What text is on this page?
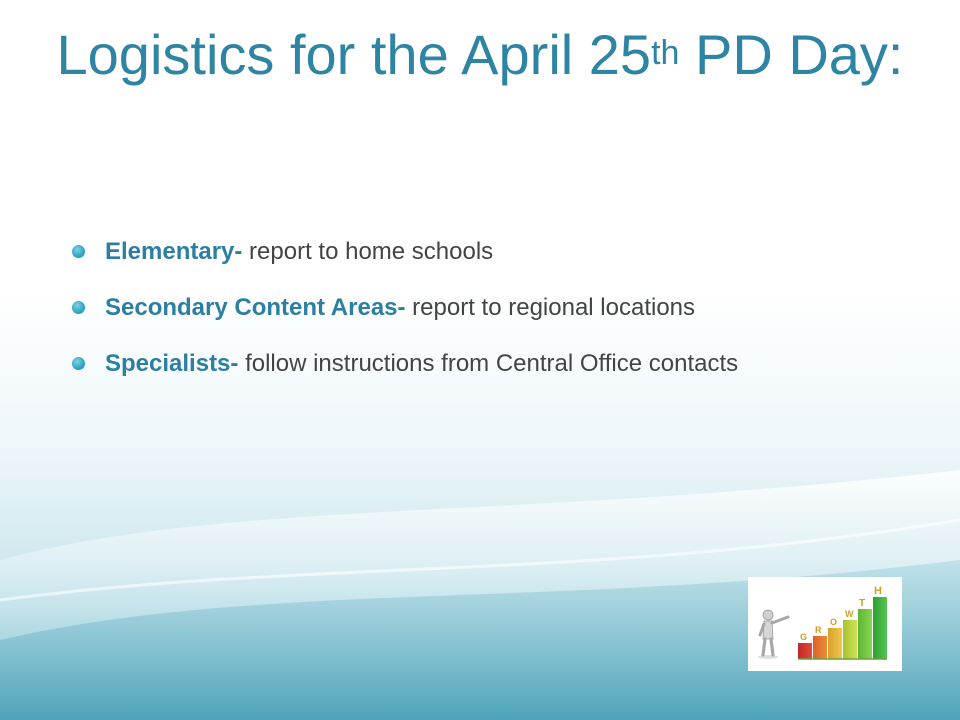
Logistics for the April 25th PD Day:
Elementary- report to home schools
Secondary Content Areas- report to regional locations
Specialists- follow instructions from Central Office contacts
G
R
O
W
T
H
